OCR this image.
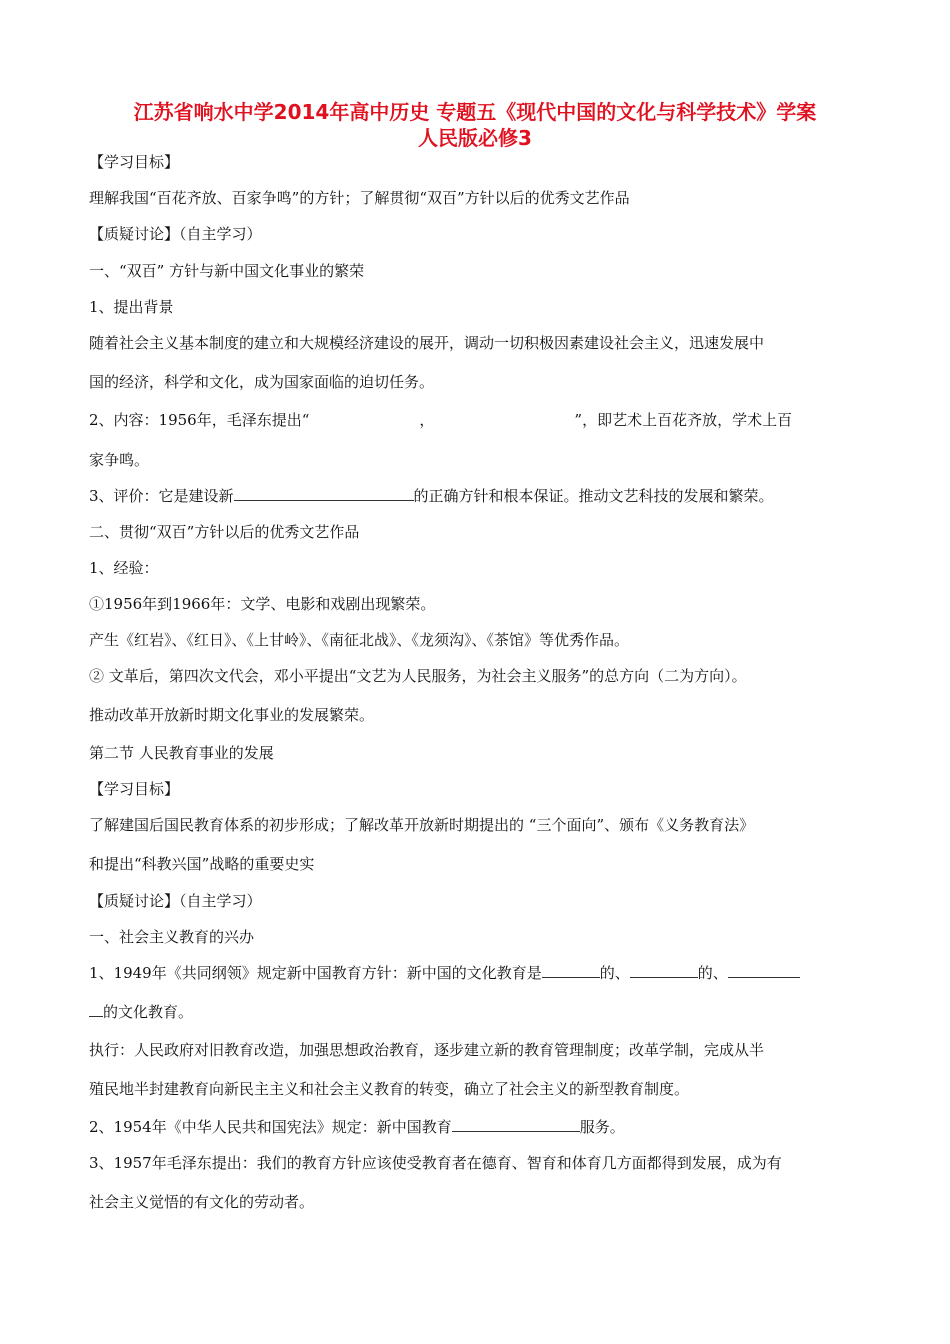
江苏省响水中学2014年高中历史 专题五《现代中国的文化与科学技术》学案
人民版必修3
【学习目标】
理解我国“百花齐放、百家争鸣”的方针；了解贯彻“双百”方针以后的优秀文艺作品
【质疑讨论】（自主学习）
一、“双百” 方针与新中国文化事业的繁荣
1、提出背景
随着社会主义基本制度的建立和大规模经济建设的展开，调动一切积极因素建设社会主义，迅速发展中
国的经济，科学和文化，成为国家面临的迫切任务。
2、内容：1956年，毛泽东提出“	，	”，即艺术上百花齐放，学术上百
家争鸣。
3、评价：它是建设新	的正确方针和根本保证。推动文艺科技的发展和繁荣。
二、贯彻“双百”方针以后的优秀文艺作品
1、经验：
①1956年到1966年：文学、电影和戏剧出现繁荣。
产生《红岩》、《红日》、《上甘岭》、《南征北战》、《龙须沟》、《茶馆》等优秀作品。
② 文革后，第四次文代会，邓小平提出“文艺为人民服务，为社会主义服务”的总方向（二为方向）。
推动改革开放新时期文化事业的发展繁荣。
第二节 人民教育事业的发展
【学习目标】
了解建国后国民教育体系的初步形成；了解改革开放新时期提出的 “三个面向”、颁布《义务教育法》
和提出“科教兴国”战略的重要史实
【质疑讨论】（自主学习）
一、社会主义教育的兴办
1、1949年《共同纲领》规定新中国教育方针：新中国的文化教育是	的、	的、
的文化教育。
执行：人民政府对旧教育改造，加强思想政治教育，逐步建立新的教育管理制度；改革学制，完成从半
殖民地半封建教育向新民主主义和社会主义教育的转变，确立了社会主义的新型教育制度。
2、1954年《中华人民共和国宪法》规定：新中国教育	服务。
3、1957年毛泽东提出：我们的教育方针应该使受教育者在德育、智育和体育几方面都得到发展，成为有
社会主义觉悟的有文化的劳动者。
